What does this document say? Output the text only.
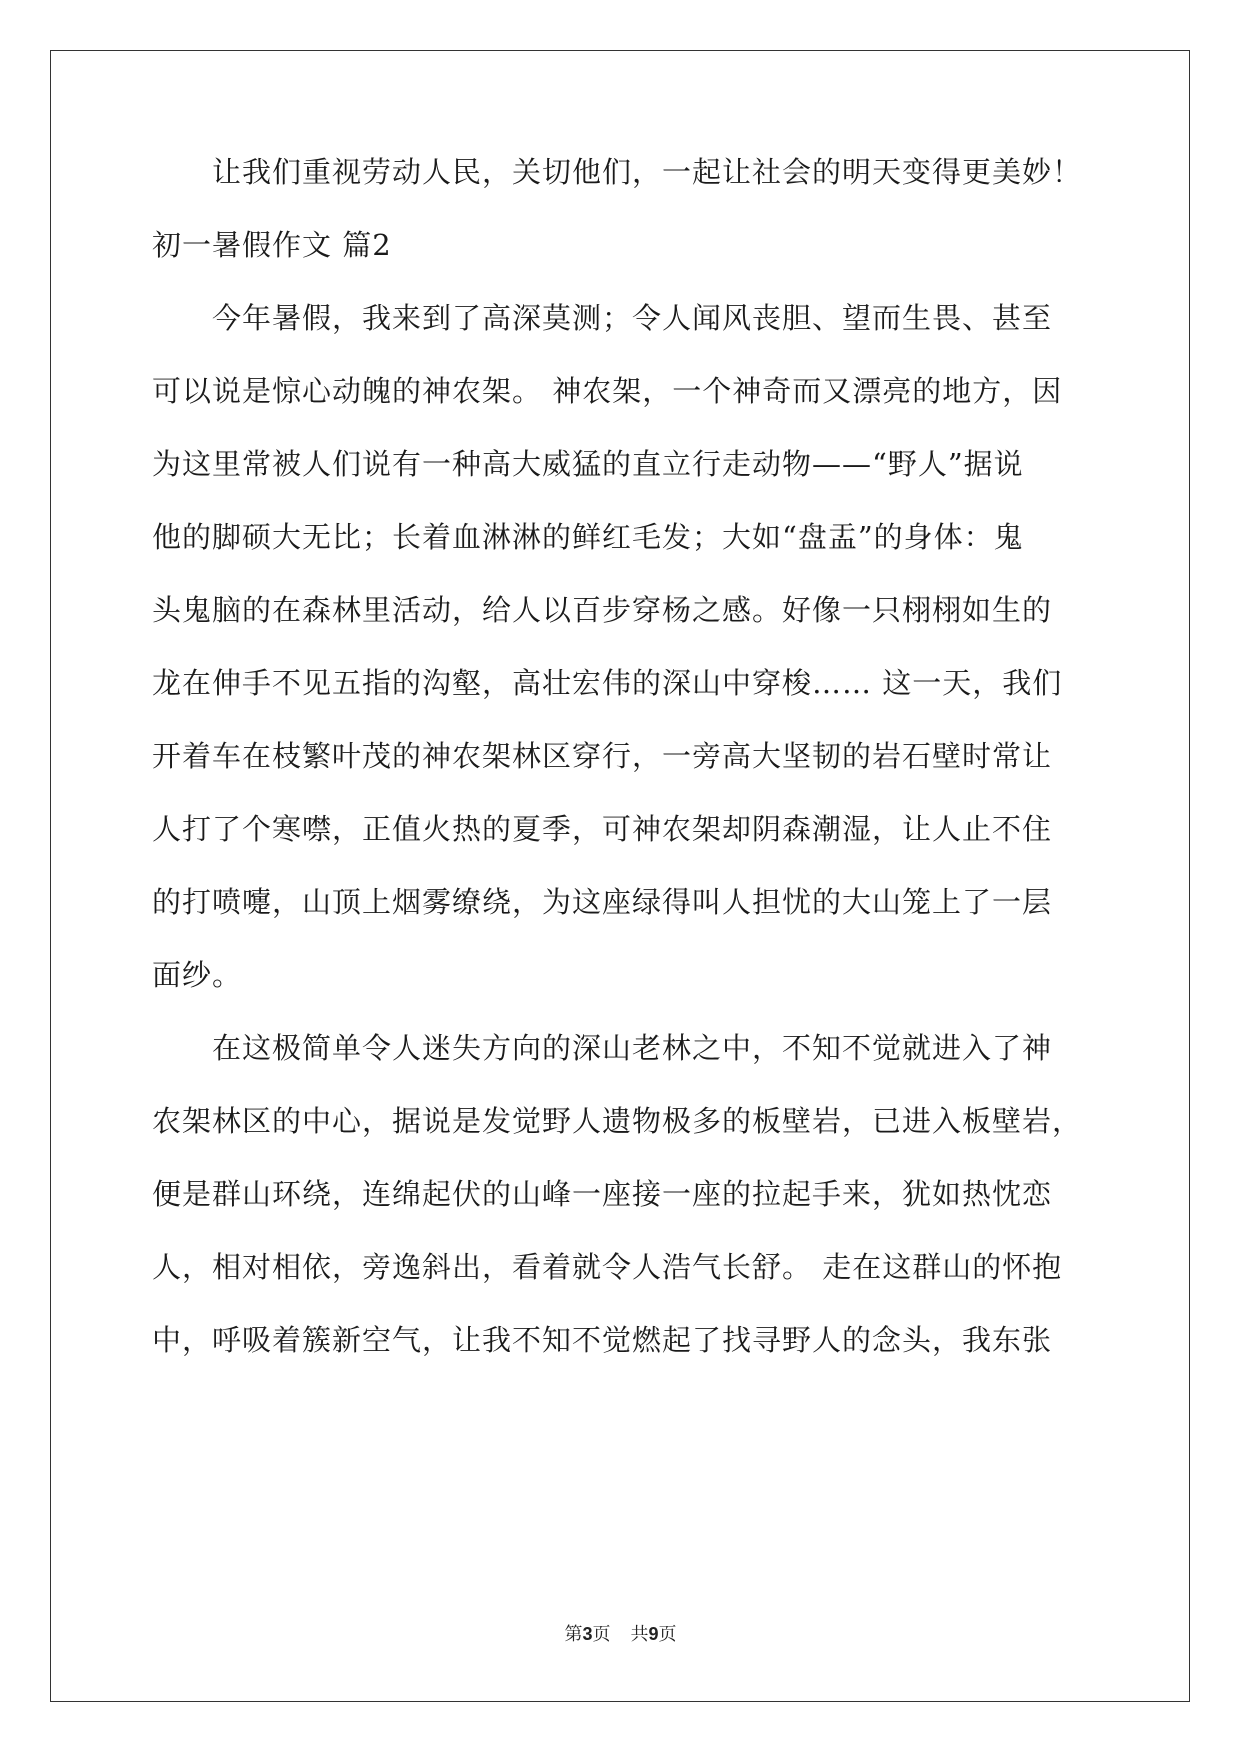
让我们重视劳动人民，关切他们，一起让社会的明天变得更美妙！
初一暑假作文 篇2
今年暑假，我来到了高深莫测；令人闻风丧胆、望而生畏、甚至
可以说是惊心动魄的神农架。 神农架，一个神奇而又漂亮的地方，因
为这里常被人们说有一种高大威猛的直立行走动物——“野人”据说
他的脚硕大无比；长着血淋淋的鲜红毛发；大如“盘盂”的身体：鬼
头鬼脑的在森林里活动，给人以百步穿杨之感。好像一只栩栩如生的
龙在伸手不见五指的沟壑，高壮宏伟的深山中穿梭…… 这一天，我们
开着车在枝繁叶茂的神农架林区穿行，一旁高大坚韧的岩石壁时常让
人打了个寒噤，正值火热的夏季，可神农架却阴森潮湿，让人止不住
的打喷嚏，山顶上烟雾缭绕，为这座绿得叫人担忧的大山笼上了一层
面纱。
在这极简单令人迷失方向的深山老林之中，不知不觉就进入了神
农架林区的中心，据说是发觉野人遗物极多的板壁岩，已进入板壁岩，
便是群山环绕，连绵起伏的山峰一座接一座的拉起手来，犹如热忱恋
人，相对相依，旁逸斜出，看着就令人浩气长舒。 走在这群山的怀抱
中，呼吸着簇新空气，让我不知不觉燃起了找寻野人的念头，我东张
第3页 共9页
